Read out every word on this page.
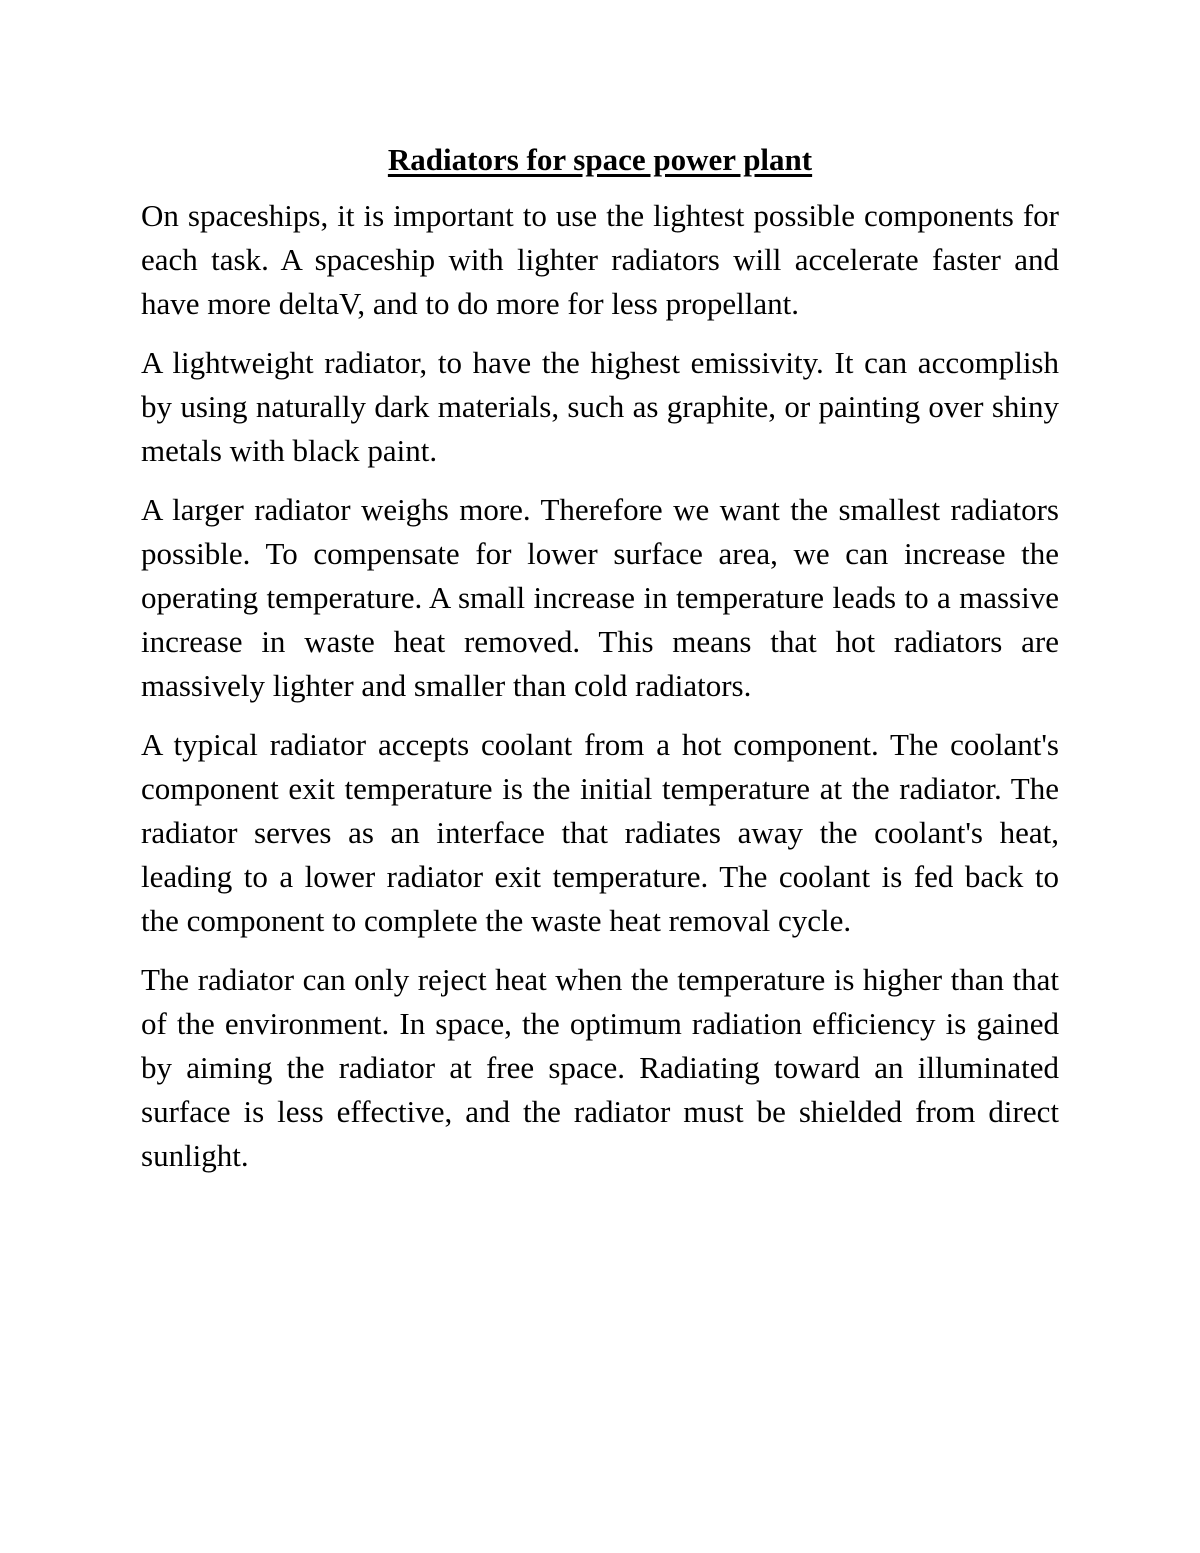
Radiators for space power plant

On spaceships, it is important to use the lightest possible components for each task. A spaceship with lighter radiators will accelerate faster and have more deltaV, and to do more for less propellant.

A lightweight radiator, to have the highest emissivity. It can accomplish by using naturally dark materials, such as graphite, or painting over shiny metals with black paint.

A larger radiator weighs more. Therefore we want the smallest radiators possible. To compensate for lower surface area, we can increase the operating temperature. A small increase in temperature leads to a massive increase in waste heat removed. This means that hot radiators are massively lighter and smaller than cold radiators.

A typical radiator accepts coolant from a hot component. The coolant's component exit temperature is the initial temperature at the radiator. The radiator serves as an interface that radiates away the coolant's heat, leading to a lower radiator exit temperature. The coolant is fed back to the component to complete the waste heat removal cycle.

The radiator can only reject heat when the temperature is higher than that of the environment. In space, the optimum radiation efficiency is gained by aiming the radiator at free space. Radiating toward an illuminated surface is less effective, and the radiator must be shielded from direct sunlight.
